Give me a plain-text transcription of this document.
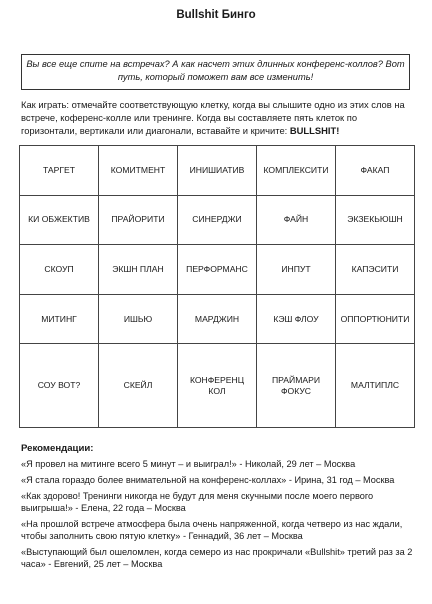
Bullshit Бинго
Вы все еще спите на встречах? А как насчет этих длинных конференс-коллов? Вот путь, который поможет вам все изменить!
Как играть: отмечайте соответствующую клетку, когда вы слышите одно из этих слов на встрече, коференс-колле или тренинге. Когда вы составляете пять клеток по горизонтали, вертикали или диагонали, вставайте и кричите: BULLSHIT!
ТАРГЕТ	КОМИТМЕНТ	ИНИШИАТИВ	КОМПЛЕКСИТИ	ФАКАП
КИ ОБЖЕКТИВ	ПРАЙОРИТИ	СИНЕРДЖИ	ФАЙН	ЭКЗЕКЬЮШН
СКОУП	ЭКШН ПЛАН	ПЕРФОРМАНС	ИНПУТ	КАПЭСИТИ
МИТИНГ	ИШЬЮ	МАРДЖИН	КЭШ ФЛОУ	ОППОРТЮНИТИ
СОУ ВОТ?	СКЕЙЛ	КОНФЕРЕНЦ КОЛ	ПРАЙМАРИ ФОКУС	МАЛТИПЛС
Рекомендации:
«Я провел на митинге всего 5 минут – и выиграл!» - Николай, 29 лет – Москва
«Я стала гораздо более внимательной на конференс-коллах» - Ирина, 31 год – Москва
«Как здорово! Тренинги никогда не будут для меня скучными после моего первого выигрыша!» - Елена, 22 года – Москва
«На прошлой встрече атмосфера была очень напряженной, когда четверо из нас ждали, чтобы заполнить свою пятую клетку» - Геннадий, 36 лет – Москва
«Выступающий был ошеломлен, когда семеро из нас прокричали «Bullshit» третий раз за 2 часа» - Евгений, 25 лет – Москва
